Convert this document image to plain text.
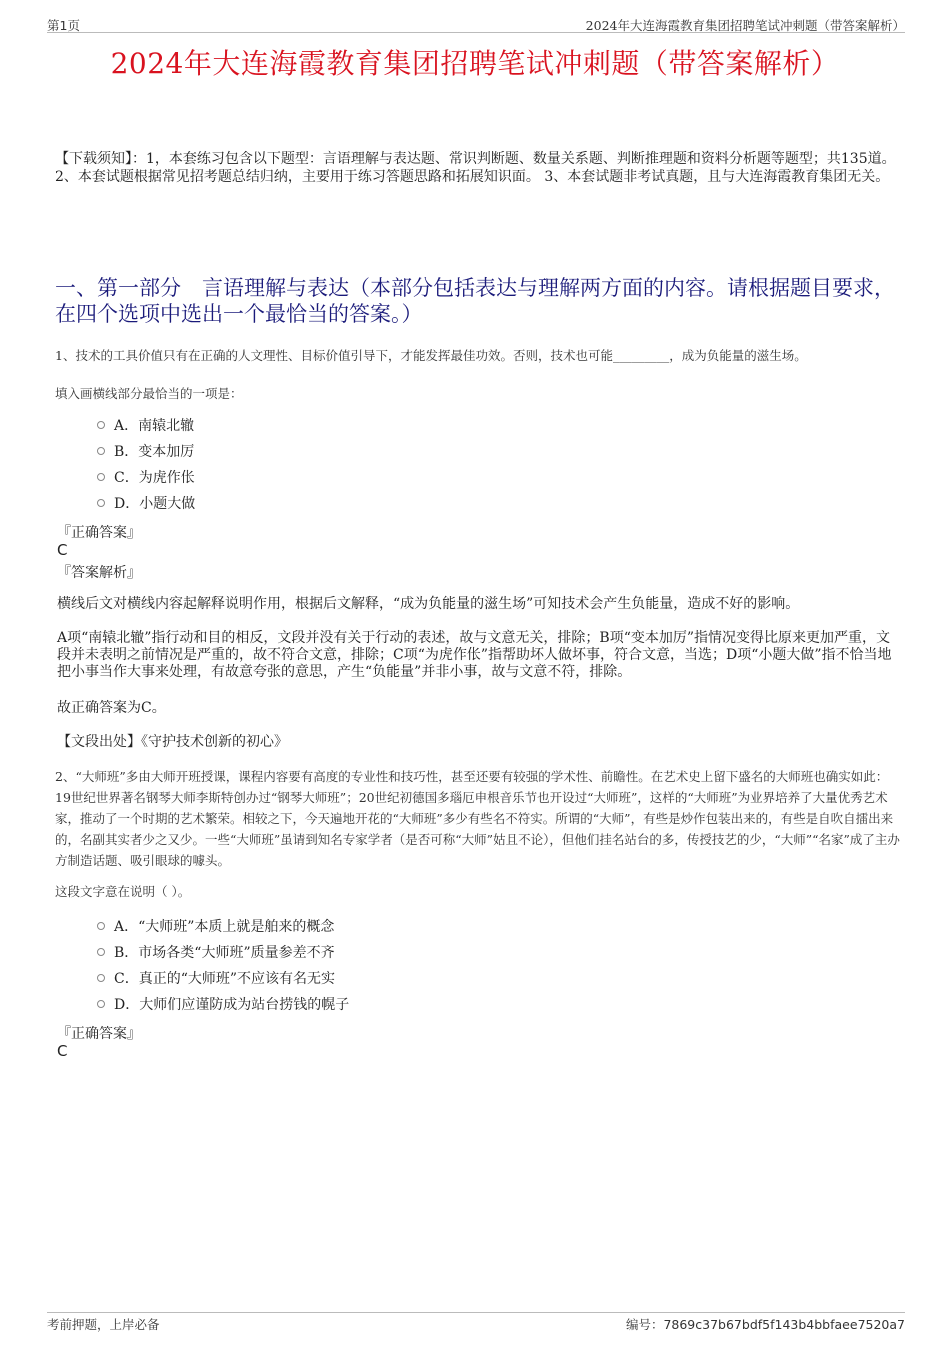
第1页	2024年大连海霞教育集团招聘笔试冲刺题（带答案解析）
2024年大连海霞教育集团招聘笔试冲刺题（带答案解析）
【下载须知】：1，本套练习包含以下题型：言语理解与表达题、常识判断题、数量关系题、判断推理题和资料分析题等题型；共135道。 2、本套试题根据常见招考题总结归纳，主要用于练习答题思路和拓展知识面。 3、本套试题非考试真题，且与大连海霞教育集团无关。
一、第一部分　言语理解与表达（本部分包括表达与理解两方面的内容。请根据题目要求，在四个选项中选出一个最恰当的答案。）
1、技术的工具价值只有在正确的人文理性、目标价值引导下，才能发挥最佳功效。否则，技术也可能_________，成为负能量的滋生场。
填入画横线部分最恰当的一项是：
A．南辕北辙
B．变本加厉
C．为虎作伥
D．小题大做
『正确答案』
C
『答案解析』
横线后文对横线内容起解释说明作用，根据后文解释，“成为负能量的滋生场”可知技术会产生负能量，造成不好的影响。
A项“南辕北辙”指行动和目的相反，文段并没有关于行动的表述，故与文意无关，排除；B项“变本加厉”指情况变得比原来更加严重，文段并未表明之前情况是严重的，故不符合文意，排除；C项“为虎作伥”指帮助坏人做坏事，符合文意，当选；D项“小题大做”指不恰当地把小事当作大事来处理，有故意夸张的意思，产生“负能量”并非小事，故与文意不符，排除。
故正确答案为C。
【文段出处】《守护技术创新的初心》
2、“大师班”多由大师开班授课，课程内容要有高度的专业性和技巧性，甚至还要有较强的学术性、前瞻性。在艺术史上留下盛名的大师班也确实如此：19世纪世界著名钢琴大师李斯特创办过“钢琴大师班”；20世纪初德国多瑙厄申根音乐节也开设过“大师班”，这样的“大师班”为业界培养了大量优秀艺术家，推动了一个时期的艺术繁荣。相较之下，今天遍地开花的“大师班”多少有些名不符实。所谓的“大师”，有些是炒作包装出来的，有些是自吹自擂出来的，名副其实者少之又少。一些“大师班”虽请到知名专家学者（是否可称“大师”姑且不论），但他们挂名站台的多，传授技艺的少，“大师”“名家”成了主办方制造话题、吸引眼球的噱头。
这段文字意在说明（ ）。
A．“大师班”本质上就是舶来的概念
B．市场各类“大师班”质量参差不齐
C．真正的“大师班”不应该有名无实
D．大师们应谨防成为站台捞钱的幌子
『正确答案』
C
考前押题，上岸必备	编号：7869c37b67bdf5f143b4bbfaee7520a7
